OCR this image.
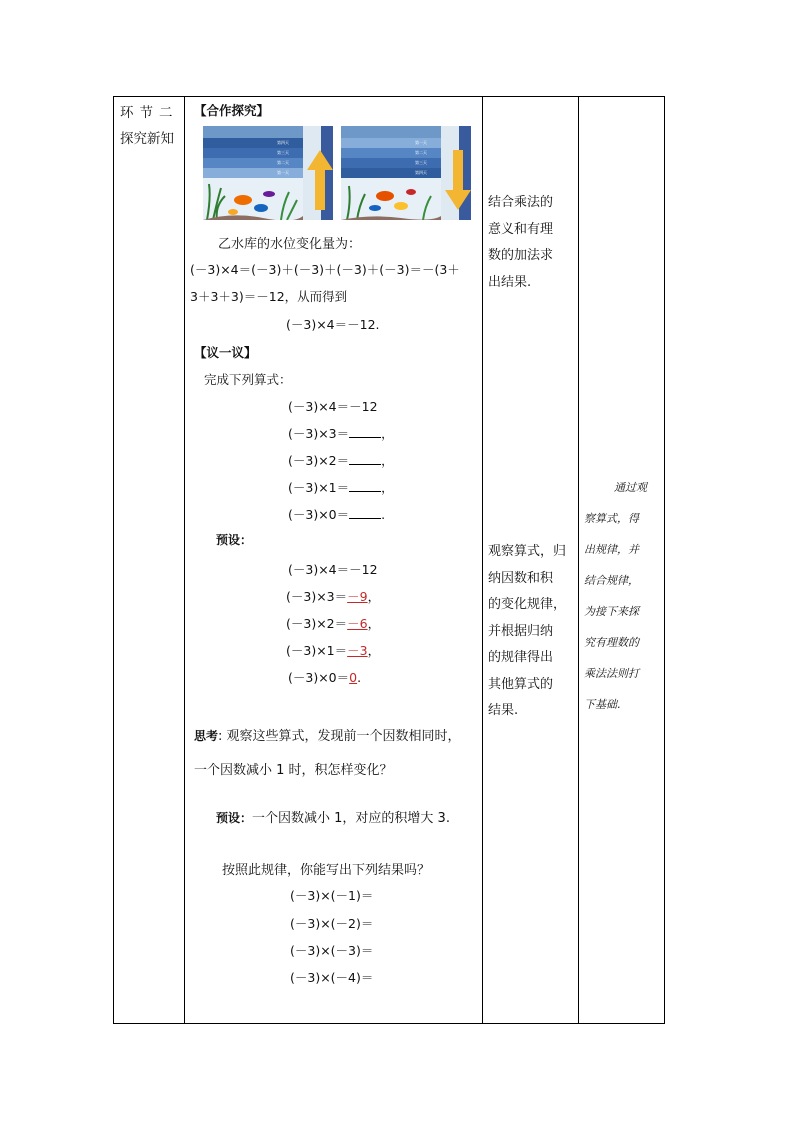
环节二
探究新知
【合作探究】
第四天
第三天
第二天
第一天
第一天
第二天
第三天
第四天
乙水库的水位变化量为：
(－3)×4＝(－3)＋(－3)＋(－3)＋(－3)＝－(3＋
3＋3＋3)＝－12，从而得到
(－3)×4＝－12.
【议一议】
完成下列算式：
(－3)×4＝－12
(－3)×3＝	，
(－3)×2＝	，
(－3)×1＝	，
(－3)×0＝	.
预设：
(－3)×4＝－12
(－3)×3＝－9，
(－3)×2＝－6，
(－3)×1＝－3，
(－3)×0＝0.
思考: 观察这些算式，发现前一个因数相同时，
一个因数减小 1 时，积怎样变化？
预设：一个因数减小 1，对应的积增大 3.
按照此规律，你能写出下列结果吗？
(－3)×(－1)＝
(－3)×(－2)＝
(－3)×(－3)＝
(－3)×(－4)＝
结合乘法的
意义和有理
数的加法求
出结果.
观察算式，归
纳因数和积
的变化规律，
并根据归纳
的规律得出
其他算式的
结果.
通过观
察算式，得
出规律，并
结合规律，
为接下来探
究有理数的
乘法法则打
下基础.
